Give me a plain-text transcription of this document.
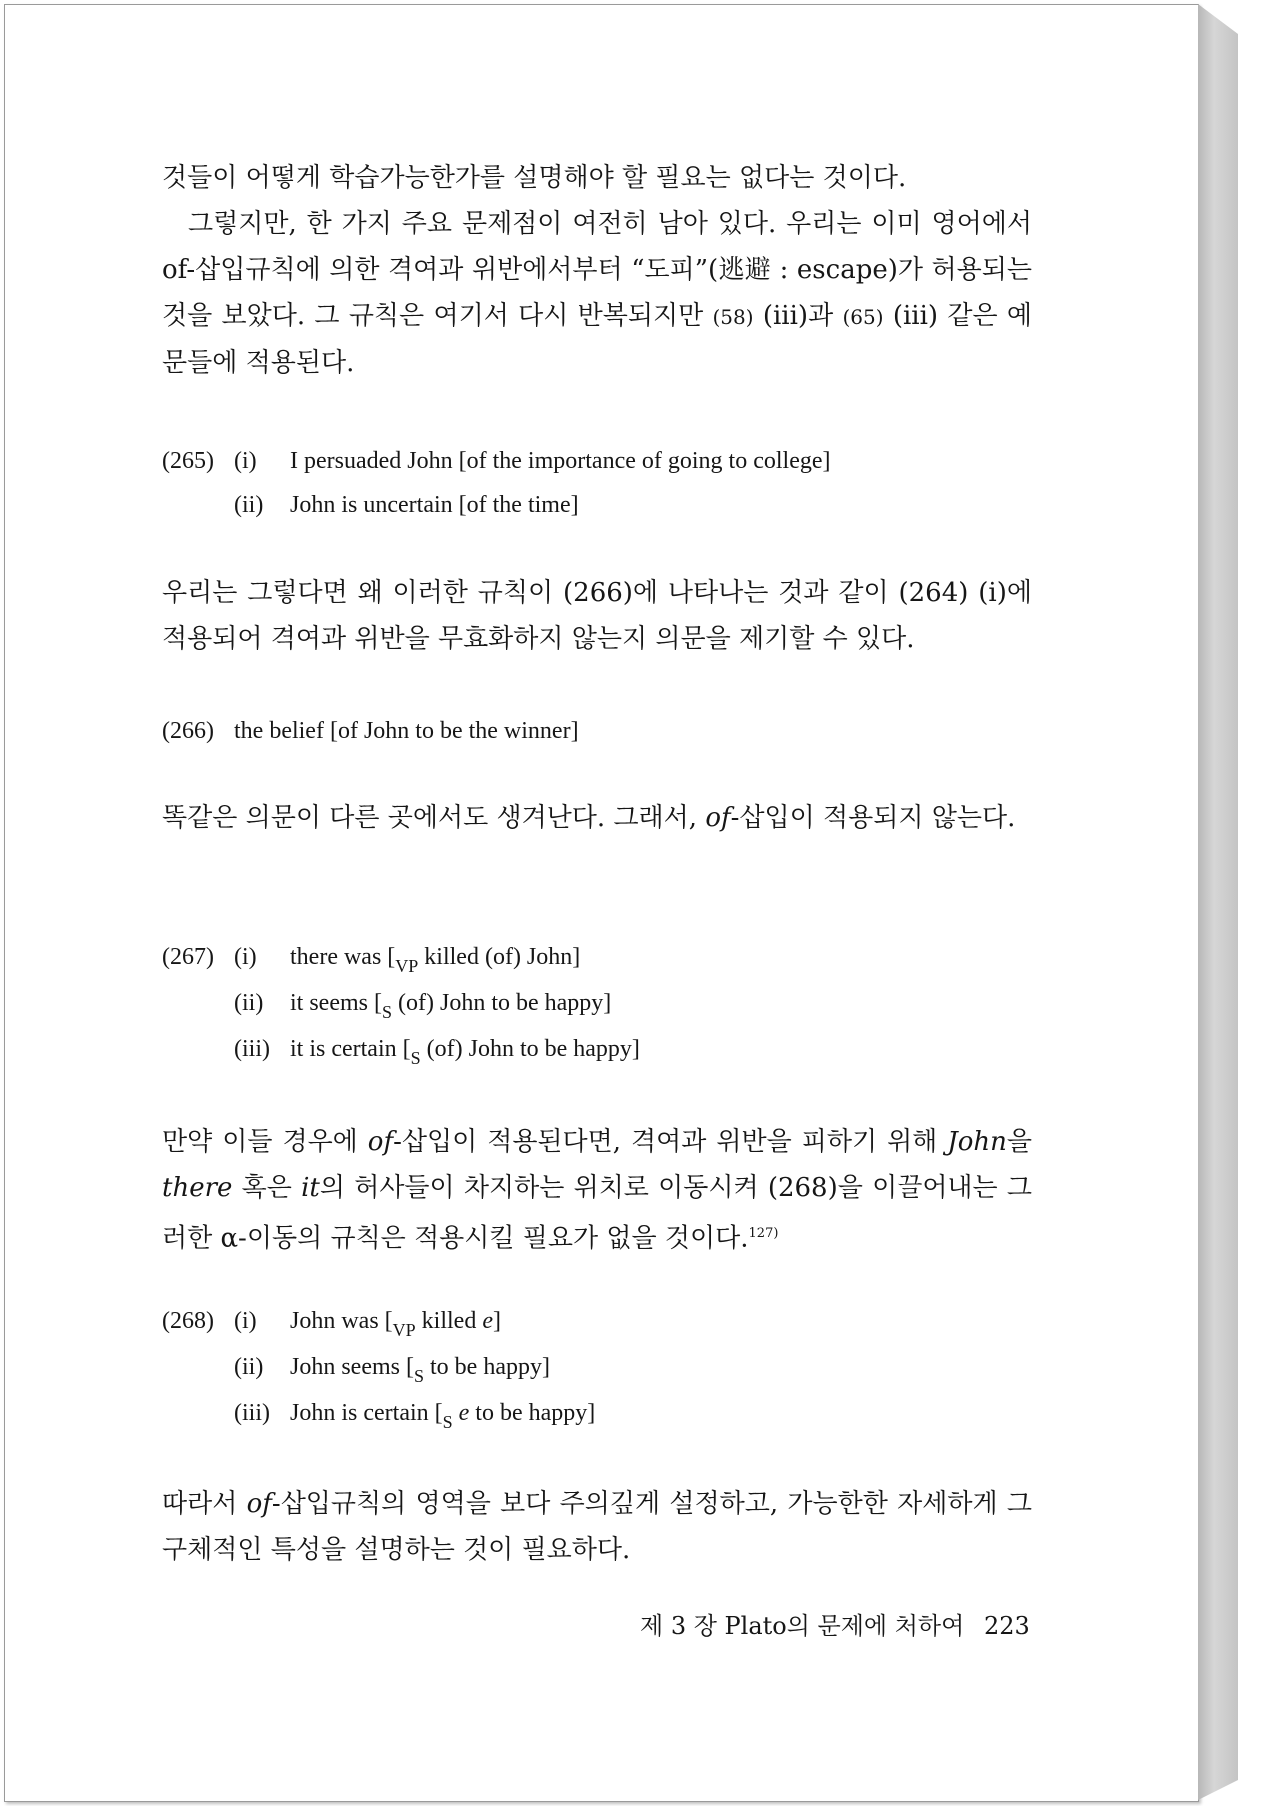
것들이 어떻게 학습가능한가를 설명해야 할 필요는 없다는 것이다.

그렇지만, 한 가지 주요 문제점이 여전히 남아 있다. 우리는 이미 영어에서 of-삽입규칙에 의한 격여과 위반에서부터 “도피”(逃避 : escape)가 허용되는 것을 보았다. 그 규칙은 여기서 다시 반복되지만 (58) (iii)과 (65) (iii) 같은 예문들에 적용된다.

(265) (i) I persuaded John [of the importance of going to college]
(ii) John is uncertain [of the time]

우리는 그렇다면 왜 이러한 규칙이 (266)에 나타나는 것과 같이 (264) (i)에 적용되어 격여과 위반을 무효화하지 않는지 의문을 제기할 수 있다.

(266) the belief [of John to be the winner]

똑같은 의문이 다른 곳에서도 생겨난다. 그래서, of-삽입이 적용되지 않는다.

(267) (i) there was [$_{VP}$ killed (of) John]
(ii) it seems [$_S$ (of) John to be happy]
(iii) it is certain [$_S$ (of) John to be happy]

만약 이들 경우에 of-삽입이 적용된다면, 격여과 위반을 피하기 위해 John을 there 혹은 it의 허사들이 차지하는 위치로 이동시켜 (268)을 이끌어내는 그러한 α-이동의 규칙은 적용시킬 필요가 없을 것이다.$^{127)}$

(268) (i) John was [$_{VP}$ killed e]
(ii) John seems [$_S$ to be happy]
(iii) John is certain [$_S$ e to be happy]

따라서 of-삽입규칙의 영역을 보다 주의깊게 설정하고, 가능한한 자세하게 그 구체적인 특성을 설명하는 것이 필요하다.

제 3 장 Plato의 문제에 처하여 223
